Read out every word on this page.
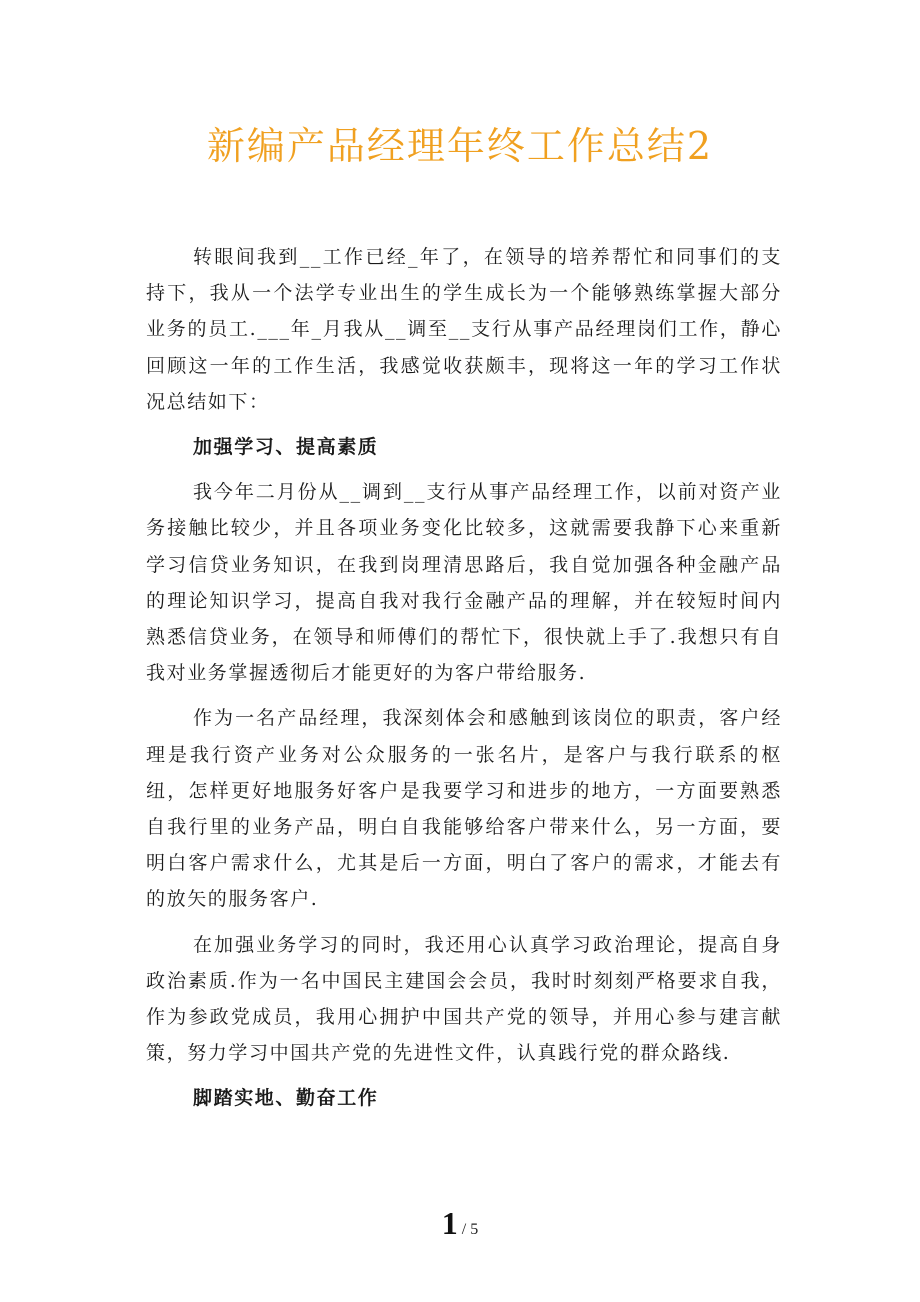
新编产品经理年终工作总结2

转眼间我到__工作已经_年了，在领导的培养帮忙和同事们的支持下，我从一个法学专业出生的学生成长为一个能够熟练掌握大部分业务的员工.___年_月我从__调至__支行从事产品经理岗们工作，静心回顾这一年的工作生活，我感觉收获颇丰，现将这一年的学习工作状况总结如下：

加强学习、提高素质

我今年二月份从__调到__支行从事产品经理工作，以前对资产业务接触比较少，并且各项业务变化比较多，这就需要我静下心来重新学习信贷业务知识，在我到岗理清思路后，我自觉加强各种金融产品的理论知识学习，提高自我对我行金融产品的理解，并在较短时间内熟悉信贷业务，在领导和师傅们的帮忙下，很快就上手了.我想只有自我对业务掌握透彻后才能更好的为客户带给服务.

作为一名产品经理，我深刻体会和感触到该岗位的职责，客户经理是我行资产业务对公众服务的一张名片，是客户与我行联系的枢纽，怎样更好地服务好客户是我要学习和进步的地方，一方面要熟悉自我行里的业务产品，明白自我能够给客户带来什么，另一方面，要明白客户需求什么，尤其是后一方面，明白了客户的需求，才能去有的放矢的服务客户.

在加强业务学习的同时，我还用心认真学习政治理论，提高自身政治素质.作为一名中国民主建国会会员，我时时刻刻严格要求自我，作为参政党成员，我用心拥护中国共产党的领导，并用心参与建言献策，努力学习中国共产党的先进性文件，认真践行党的群众路线.

脚踏实地、勤奋工作

1 / 5
